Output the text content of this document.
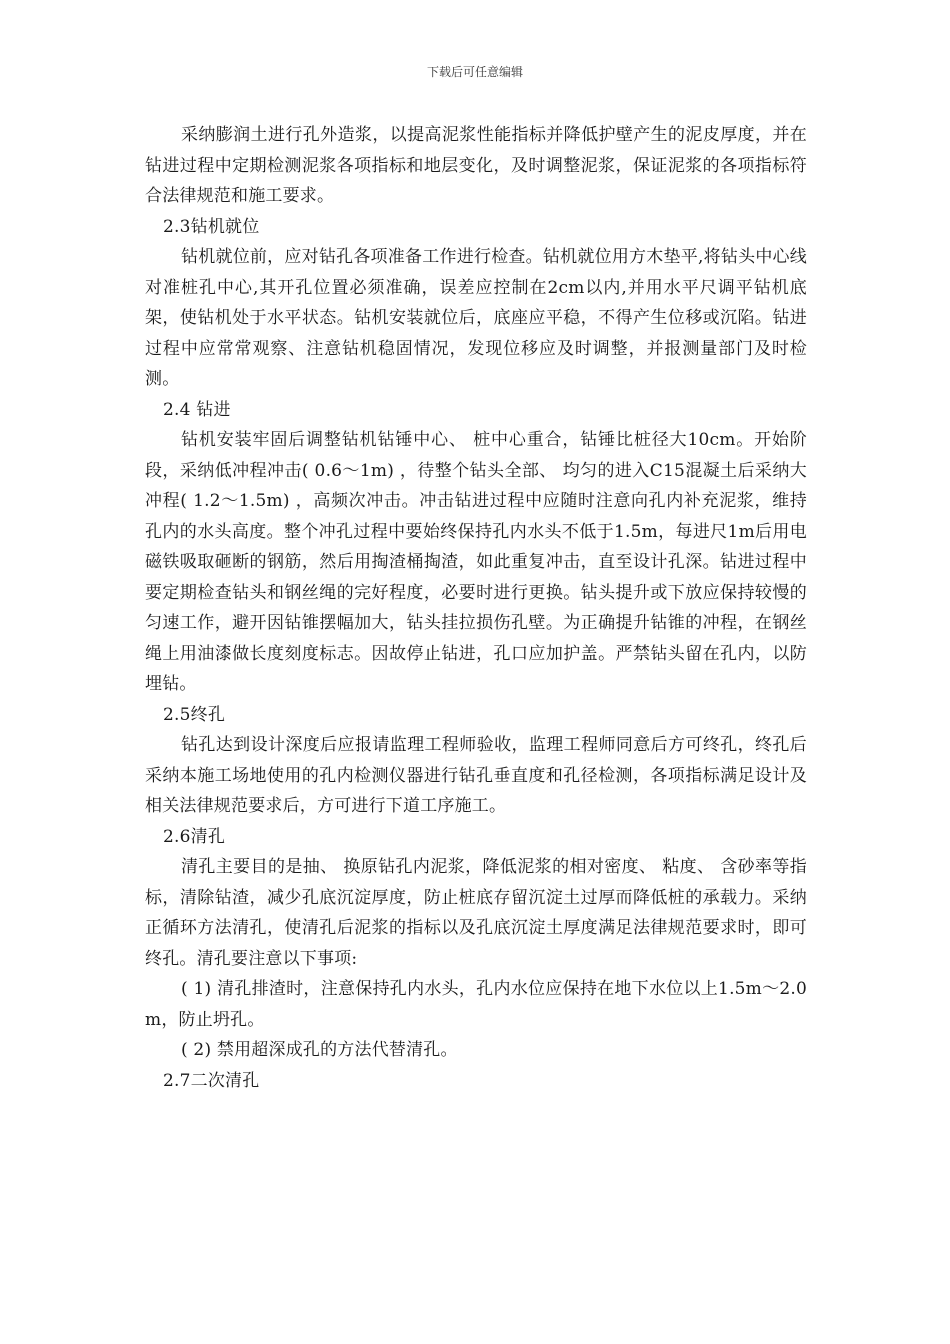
下载后可任意编辑

采纳膨润土进行孔外造浆，以提高泥浆性能指标并降低护壁产生的泥皮厚度，并在钻进过程中定期检测泥浆各项指标和地层变化，及时调整泥浆，保证泥浆的各项指标符合法律规范和施工要求。

2.3钻机就位

钻机就位前，应对钻孔各项准备工作进行检查。钻机就位用方木垫平,将钻头中心线对准桩孔中心,其开孔位置必须准确，误差应控制在2cm以内,并用水平尺调平钻机底架，使钻机处于水平状态。钻机安装就位后，底座应平稳，不得产生位移或沉陷。钻进过程中应常常观察、注意钻机稳固情况，发现位移应及时调整，并报测量部门及时检测。

2.4 钻进

钻机安装牢固后调整钻机钻锤中心、 桩中心重合，钻锤比桩径大10cm。开始阶段，采纳低冲程冲击( 0.6～1m) ，待整个钻头全部、 均匀的进入C15混凝土后采纳大冲程( 1.2～1.5m) ，高频次冲击。冲击钻进过程中应随时注意向孔内补充泥浆，维持孔内的水头高度。整个冲孔过程中要始终保持孔内水头不低于1.5m，每进尺1m后用电磁铁吸取砸断的钢筋，然后用掏渣桶掏渣，如此重复冲击，直至设计孔深。钻进过程中要定期检查钻头和钢丝绳的完好程度，必要时进行更换。钻头提升或下放应保持较慢的匀速工作，避开因钻锥摆幅加大，钻头挂拉损伤孔壁。为正确提升钻锥的冲程，在钢丝绳上用油漆做长度刻度标志。因故停止钻进，孔口应加护盖。严禁钻头留在孔内，以防埋钻。

2.5终孔

钻孔达到设计深度后应报请监理工程师验收，监理工程师同意后方可终孔，终孔后采纳本施工场地使用的孔内检测仪器进行钻孔垂直度和孔径检测，各项指标满足设计及相关法律规范要求后，方可进行下道工序施工。

2.6清孔

清孔主要目的是抽、 换原钻孔内泥浆，降低泥浆的相对密度、 粘度、 含砂率等指标，清除钻渣，减少孔底沉淀厚度，防止桩底存留沉淀土过厚而降低桩的承载力。采纳正循环方法清孔，使清孔后泥浆的指标以及孔底沉淀土厚度满足法律规范要求时，即可终孔。清孔要注意以下事项:

( 1) 清孔排渣时，注意保持孔内水头，孔内水位应保持在地下水位以上1.5m～2.0m，防止坍孔。

( 2) 禁用超深成孔的方法代替清孔。

2.7二次清孔
